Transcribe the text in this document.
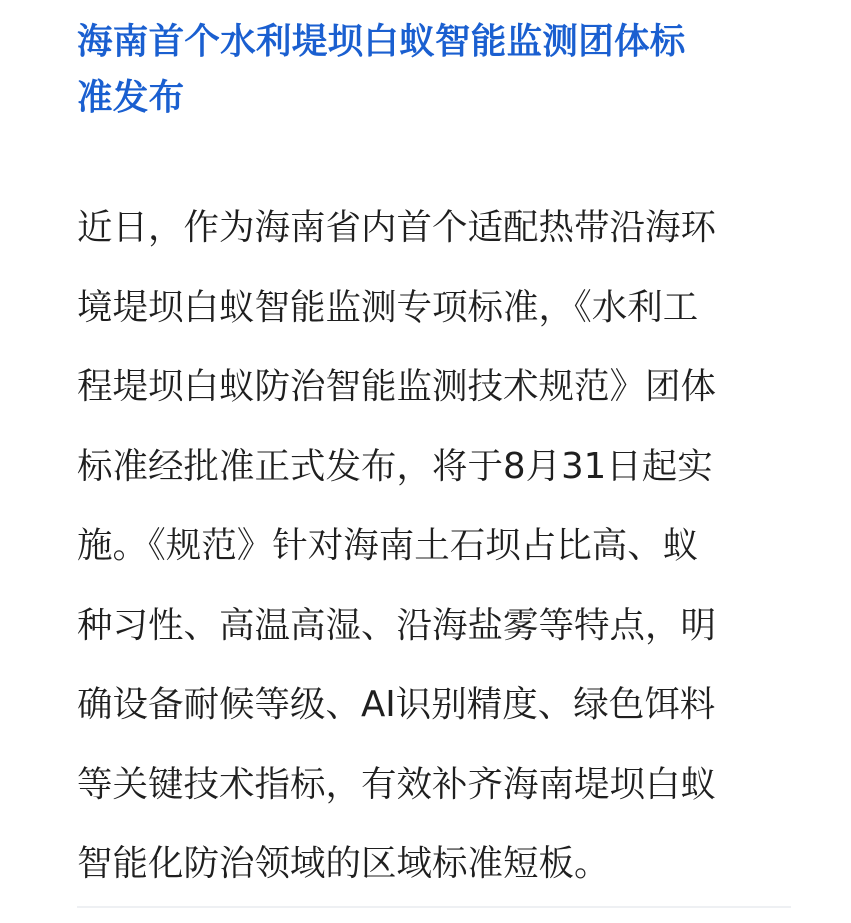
海南首个水利堤坝白蚁智能监测团体标
准发布

近日，作为海南省内首个适配热带沿海环
境堤坝白蚁智能监测专项标准，《水利工
程堤坝白蚁防治智能监测技术规范》团体
标准经批准正式发布，将于8月31日起实
施。《规范》针对海南土石坝占比高、蚁
种习性、高温高湿、沿海盐雾等特点，明
确设备耐候等级、AI识别精度、绿色饵料
等关键技术指标，有效补齐海南堤坝白蚁
智能化防治领域的区域标准短板。
